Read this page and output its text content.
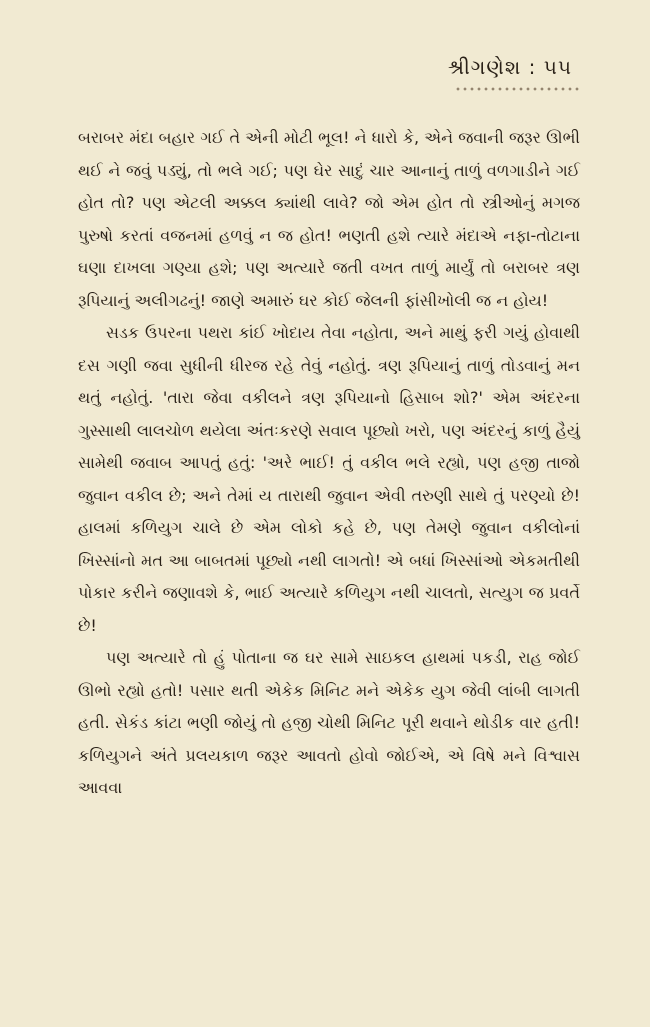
શ્રીગણેશ : ૫૫

બરાબર મંદા બહાર ગઈ તે એની મોટી ભૂલ! ને ધારો કે, એને જવાની જરૂર ઊભી થઈ ને જવું પડ્યું, તો ભલે ગઈ; પણ ઘેર સાદું ચાર આનાનું તાળું વળગાડીને ગઈ હોત તો? પણ એટલી અક્કલ ક્યાંથી લાવે? જો એમ હોત તો સ્ત્રીઓનું મગજ પુરુષો કરતાં વજનમાં હળવું ન જ હોત! ભણતી હશે ત્યારે મંદાએ નફા-તોટાના ઘણા દાખલા ગણ્યા હશે; પણ અત્યારે જતી વખત તાળું માર્યું તો બરાબર ત્રણ રૂપિયાનું અલીગઢનું! જાણે અમારું ઘર કોઈ જેલની ફાંસીખોલી જ ન હોય!

સડક ઉપરના પથરા કાંઈ ખોદાય તેવા નહોતા, અને માથું ફરી ગયું હોવાથી દસ ગણી જવા સુધીની ધીરજ રહે તેવું નહોતું. ત્રણ રૂપિયાનું તાળું તોડવાનું મન થતું નહોતું. 'તારા જેવા વકીલને ત્રણ રૂપિયાનો હિસાબ શો?' એમ અંદરના ગુસ્સાથી લાલચોળ થયેલા અંતઃકરણે સવાલ પૂછ્યો ખરો, પણ અંદરનું કાળું હૈયું સામેથી જવાબ આપતું હતું: 'અરે ભાઈ! તું વકીલ ભલે રહ્યો, પણ હજી તાજો જુવાન વકીલ છે; અને તેમાં ય તારાથી જુવાન એવી તરુણી સાથે તું પરણ્યો છે! હાલમાં કળિયુગ ચાલે છે એમ લોકો કહે છે, પણ તેમણે જુવાન વકીલોનાં ખિસ્સાંનો મત આ બાબતમાં પૂછ્યો નથી લાગતો! એ બધાં ખિસ્સાંઓ એકમતીથી પોકાર કરીને જણાવશે કે, ભાઈ અત્યારે કળિયુગ નથી ચાલતો, સત્યુગ જ પ્રવર્તે છે!

પણ અત્યારે તો હું પોતાના જ ઘર સામે સાઇકલ હાથમાં પકડી, રાહ જોઈ ઊભો રહ્યો હતો! પસાર થતી એકેક મિનિટ મને એકેક યુગ જેવી લાંબી લાગતી હતી. સેકંડ કાંટા ભણી જોયું તો હજી ચોથી મિનિટ પૂરી થવાને થોડીક વાર હતી! કળિયુગને અંતે પ્રલયકાળ જરૂર આવતો હોવો જોઈએ, એ વિષે મને વિશ્વાસ આવવા
